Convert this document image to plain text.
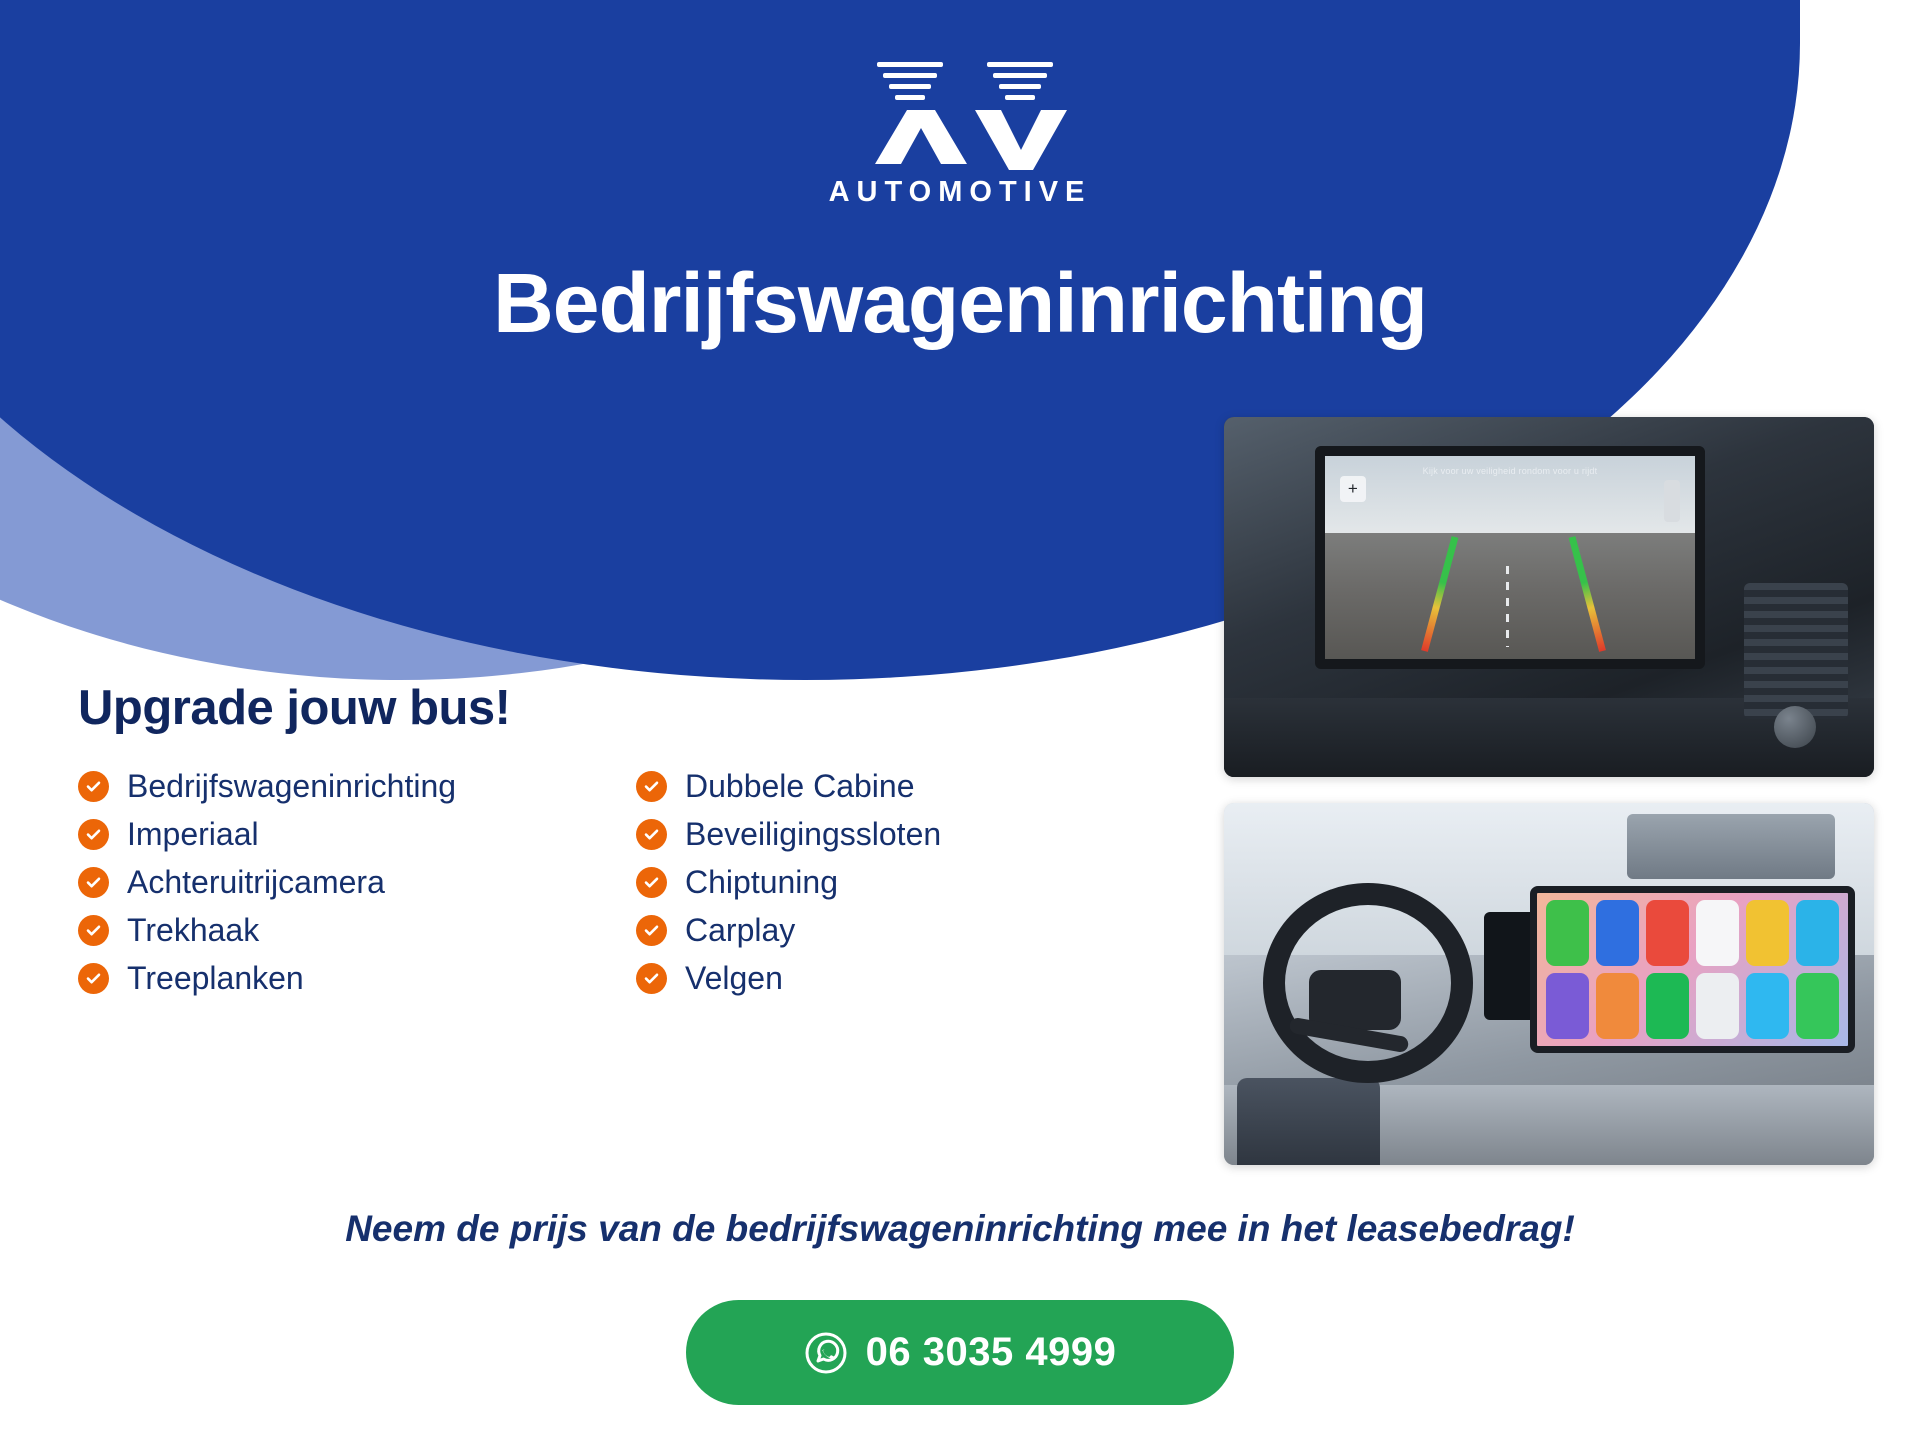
AUTOMOTIVE
Bedrijfswageninrichting
Upgrade jouw bus!
Bedrijfswageninrichting
Imperiaal
Achteruitrijcamera
Trekhaak
Treeplanken
Dubbele Cabine
Beveiligingssloten
Chiptuning
Carplay
Velgen
Kijk voor uw veiligheid rondom voor u rijdt
+
Neem de prijs van de bedrijfswageninrichting mee in het leasebedrag!
06 3035 4999
